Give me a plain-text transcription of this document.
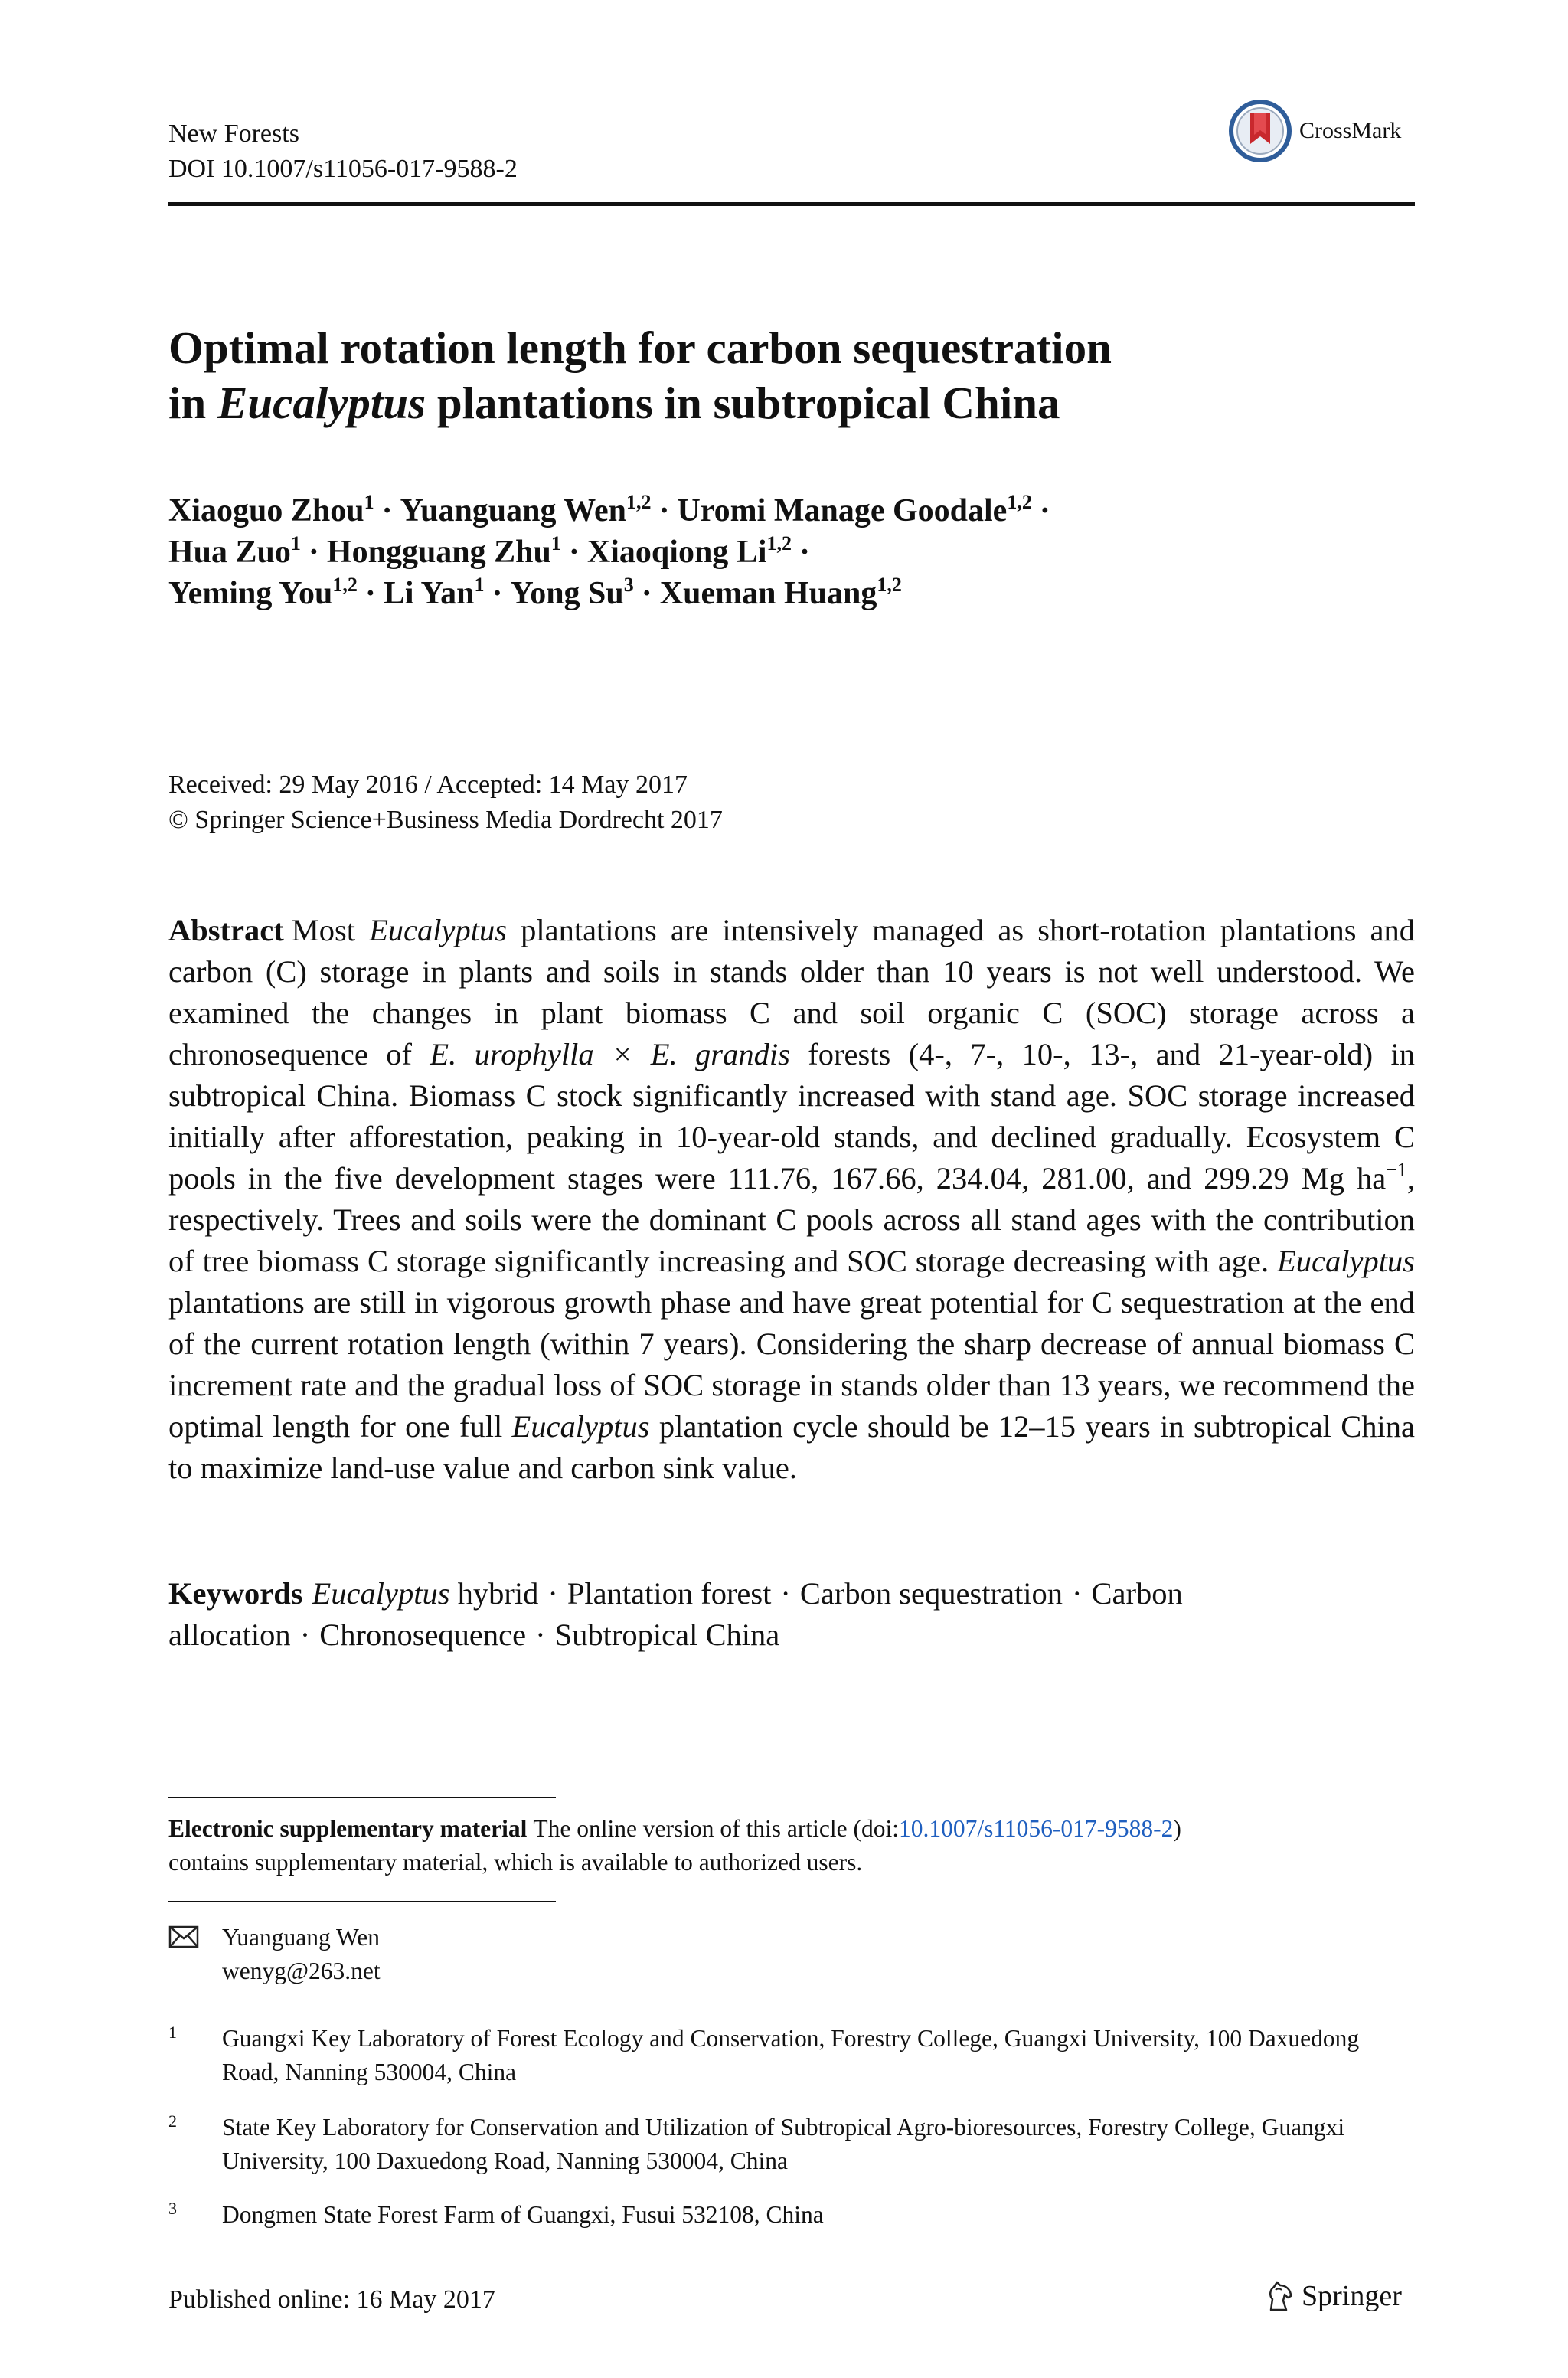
New Forests
DOI 10.1007/s11056-017-9588-2
CrossMark
Optimal rotation length for carbon sequestration
in Eucalyptus plantations in subtropical China
Xiaoguo Zhou$^1$ · Yuanguang Wen$^{1,2}$ · Uromi Manage Goodale$^{1,2}$ ·
Hua Zuo$^1$ · Hongguang Zhu$^1$ · Xiaoqiong Li$^{1,2}$ ·
Yeming You$^{1,2}$ · Li Yan$^1$ · Yong $Su^3$ · Xueman Huang$^{1,2}$
Received: 29 May 2016 / Accepted: 14 May 2017
© Springer Science+Business Media Dordrecht 2017
Abstract Most Eucalyptus plantations are intensively managed as short-rotation plantations and carbon (C) storage in plants and soils in stands older than 10 years is not well understood. We examined the changes in plant biomass C and soil organic C (SOC) storage across a chronosequence of E. urophylla × E. grandis forests (4-, 7-, 10-, 13-, and 21-year-old) in subtropical China. Biomass C stock significantly increased with stand age. SOC storage increased initially after afforestation, peaking in 10-year-old stands, and declined gradually. Ecosystem C pools in the five development stages were 111.76, 167.66, 234.04, 281.00, and 299.29 Mg $ha^{-1}$, respectively. Trees and soils were the dominant C pools across all stand ages with the contribution of tree biomass C storage significantly increasing and SOC storage decreasing with age. Eucalyptus plantations are still in vigorous growth phase and have great potential for C sequestration at the end of the current rotation length (within 7 years). Considering the sharp decrease of annual biomass C increment rate and the gradual loss of SOC storage in stands older than 13 years, we recommend the optimal length for one full Eucalyptus plantation cycle should be 12–15 years in subtropical China to maximize land-use value and carbon sink value.
Keywords Eucalyptus hybrid · Plantation forest · Carbon sequestration · Carbon allocation · Chronosequence · Subtropical China
Electronic supplementary material The online version of this article (doi:10.1007/s11056-017-9588-2)
contains supplementary material, which is available to authorized users.
Yuanguang Wen
wenyg@263.net
1 Guangxi Key Laboratory of Forest Ecology and Conservation, Forestry College, Guangxi University, 100 Daxuedong Road, Nanning 530004, China
2 State Key Laboratory for Conservation and Utilization of Subtropical Agro-bioresources, Forestry College, Guangxi University, 100 Daxuedong Road, Nanning 530004, China
3 Dongmen State Forest Farm of Guangxi, Fusui 532108, China
Published online: 16 May 2017	Springer
